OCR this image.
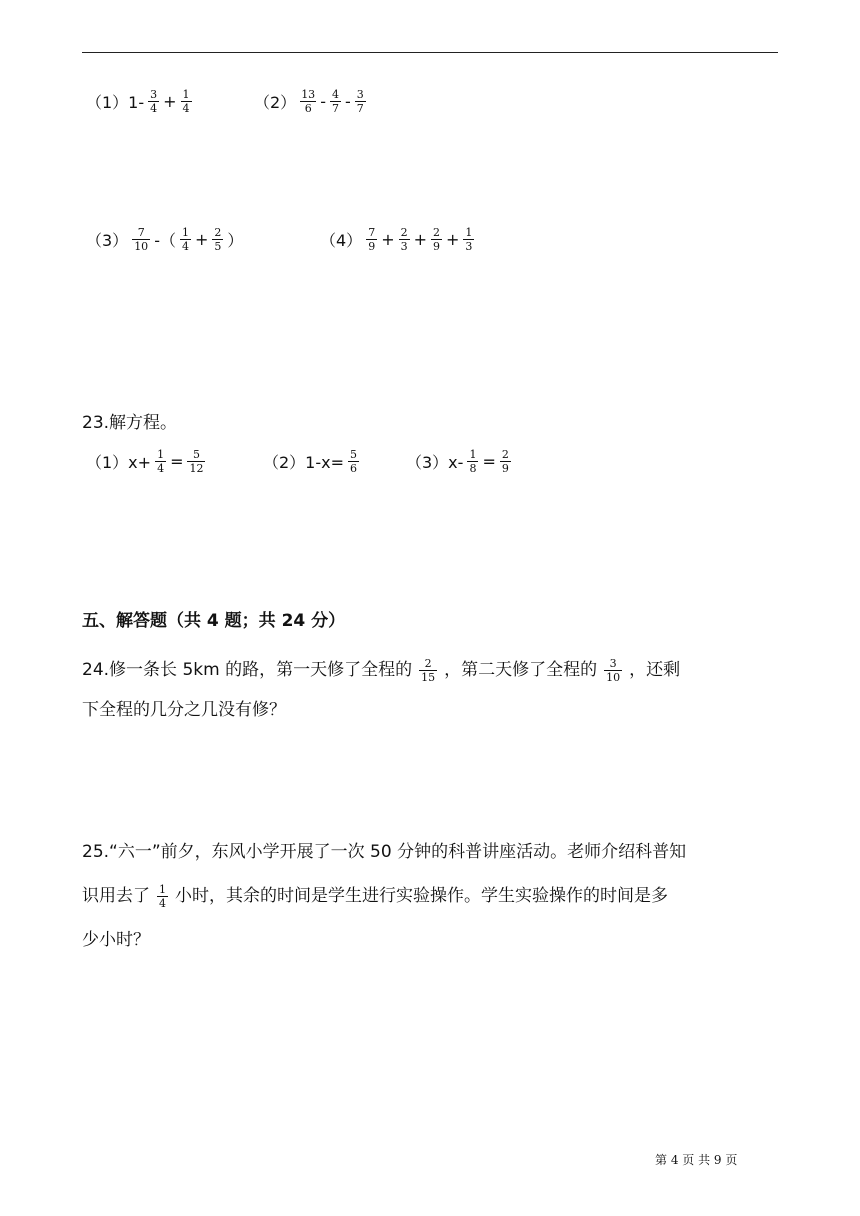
$(1)1- \frac{3}{4} + \frac{1}{4}$	$(2) \frac{13}{6} - \frac{4}{7} - \frac{3}{7}$
$(3) \frac{7}{10}$ -（ $\frac{1}{4} + \frac{2}{5}$ ）	$(4) \frac{7}{9} + \frac{2}{3} + \frac{2}{9} + \frac{1}{3}$
23.解方程。
$(1)x+ \frac{1}{4} = \frac{5}{12}$	$(2)1-x= \frac{5}{6}$	$(3)x- \frac{1}{8} = \frac{2}{9}$
五、解答题（共 4 题；共 24 分）
24.修一条长 5km 的路，第一天修了全程的 $\frac{2}{15}$ ，第二天修了全程的 $\frac{3}{10}$ ，还剩
下全程的几分之几没有修？
25.“六一”前夕，东风小学开展了一次 50 分钟的科普讲座活动。老师介绍科普知
识用去了 $\frac{1}{4}$ 小时，其余的时间是学生进行实验操作。学生实验操作的时间是多
少小时？
第 4 页 共 9 页
